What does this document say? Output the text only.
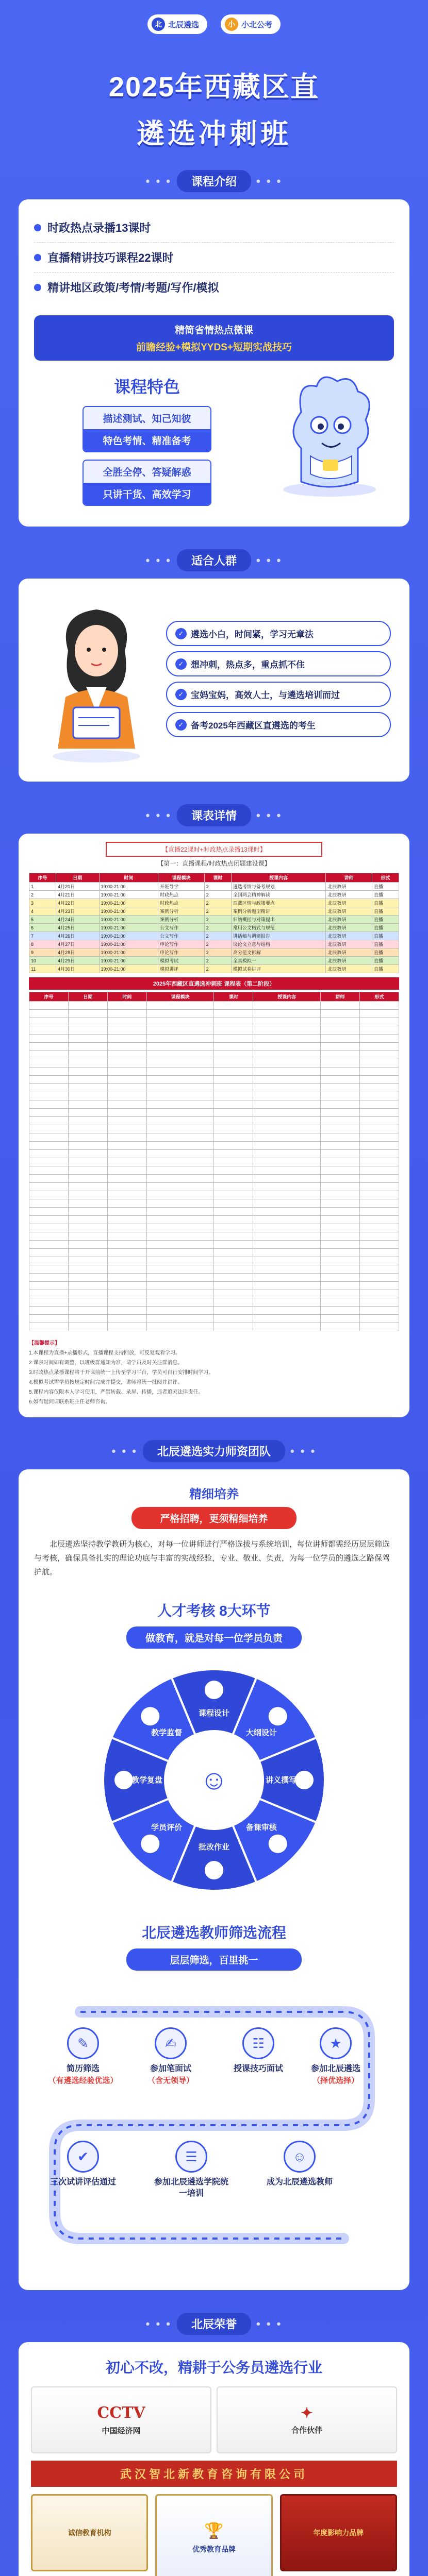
北 北辰遴选	小 小北公考
2025年西藏区直
遴选冲刺班
• • •	课程介绍	• • •
时政热点录播13课时
直播精讲技巧课程22课时
精讲地区政策/考情/考题/写作/模拟
精简省情热点微课
前瞻经验+模拟YYDS+短期实战技巧
课程特色
描述测试、知己知彼
特色考情、精准备考
全胜全停、答疑解惑
只讲干货、高效学习
• • •	适合人群	• • •
✓ 遴选小白，时间紧，学习无章法
✓ 想冲刺，热点多，重点抓不住
✓ 宝妈宝妈，高效人士，与遴选培训而过
✓ 备考2025年西藏区直遴选的考生
• • •	课表详情	• • •
【直播22课时+时政热点录播13课时】
【第一：直播课程/时政热点闭题建设课】
序号	日期	时间	课程模块	课时	授课内容	讲师	形式
1	4月20日	19:00-21:00	开班导学	2	遴选考情与备考规划	北辰教研	直播
2	4月21日	19:00-21:00	时政热点	2	全国两会精神解读	北辰教研	直播
3	4月22日	19:00-21:00	时政热点	2	西藏区情与政策要点	北辰教研	直播
4	4月23日	19:00-21:00	案例分析	2	案例分析题型精讲	北辰教研	直播
5	4月24日	19:00-21:00	案例分析	2	归纳概括与对策提出	北辰教研	直播
6	4月25日	19:00-21:00	公文写作	2	常用公文格式与规范	北辰教研	直播
7	4月26日	19:00-21:00	公文写作	2	讲话稿与调研报告	北辰教研	直播
8	4月27日	19:00-21:00	申论写作	2	议论文立意与结构	北辰教研	直播
9	4月28日	19:00-21:00	申论写作	2	高分范文拆解	北辰教研	直播
10	4月29日	19:00-21:00	模拟考试	2	全真模拟一	北辰教研	直播
11	4月30日	19:00-21:00	模拟讲评	2	模拟试卷讲评	北辰教研	直播
2025年西藏区直遴选冲刺班 课程表（第二阶段）
序号	日期	时间	课程模块	课时	授课内容	讲师	形式

【温馨提示】
1.本课程为直播+录播形式，直播课程支持回放，可反复观看学习。
2.课表时间如有调整，以班级群通知为准，请学员及时关注群消息。
3.时政热点录播课程将于开课前统一上传至学习平台，学员可自行安排时间学习。
4.模拟考试需学员按规定时间完成并提交，讲师将统一批阅并讲评。
5.课程内容仅限本人学习使用，严禁转载、录屏、传播，违者追究法律责任。
6.如有疑问请联系班主任老师咨询。
• • •	北辰遴选实力师资团队	• • •
精细培养
严格招聘，更须精细培养
北辰遴选坚持教学教研为核心，对每一位讲师进行严格选拔与系统培训，每位讲师都需经历层层筛选与考核，确保具备扎实的理论功底与丰富的实战经验，专业、敬业、负责，为每一位学员的遴选之路保驾护航。
人才考核 8大环节
做教育，就是对每一位学员负责
课程设计
大纲设计
讲义撰写
备课审核
批改作业
学员评价
教学复盘
教学监督
☺
北辰遴选教师筛选流程
层层筛选，百里挑一
✎
简历筛选
（有遴选经验优选）
✍
参加笔面试
（含无领导）
☷
授课技巧面试
★
参加北辰遴选
（择优选择）
☺
成为北辰遴选教师
☰
参加北辰遴选学院统一培训
✔
三次试讲评估通过
• • •	北辰荣誉	• • •
初心不改，精耕于公务员遴选行业
CCTV
中国经济网
✦
合作伙伴
武汉智北新教育咨询有限公司
诚信教育机构	🏆
优秀教育品牌
年度影响力品牌
